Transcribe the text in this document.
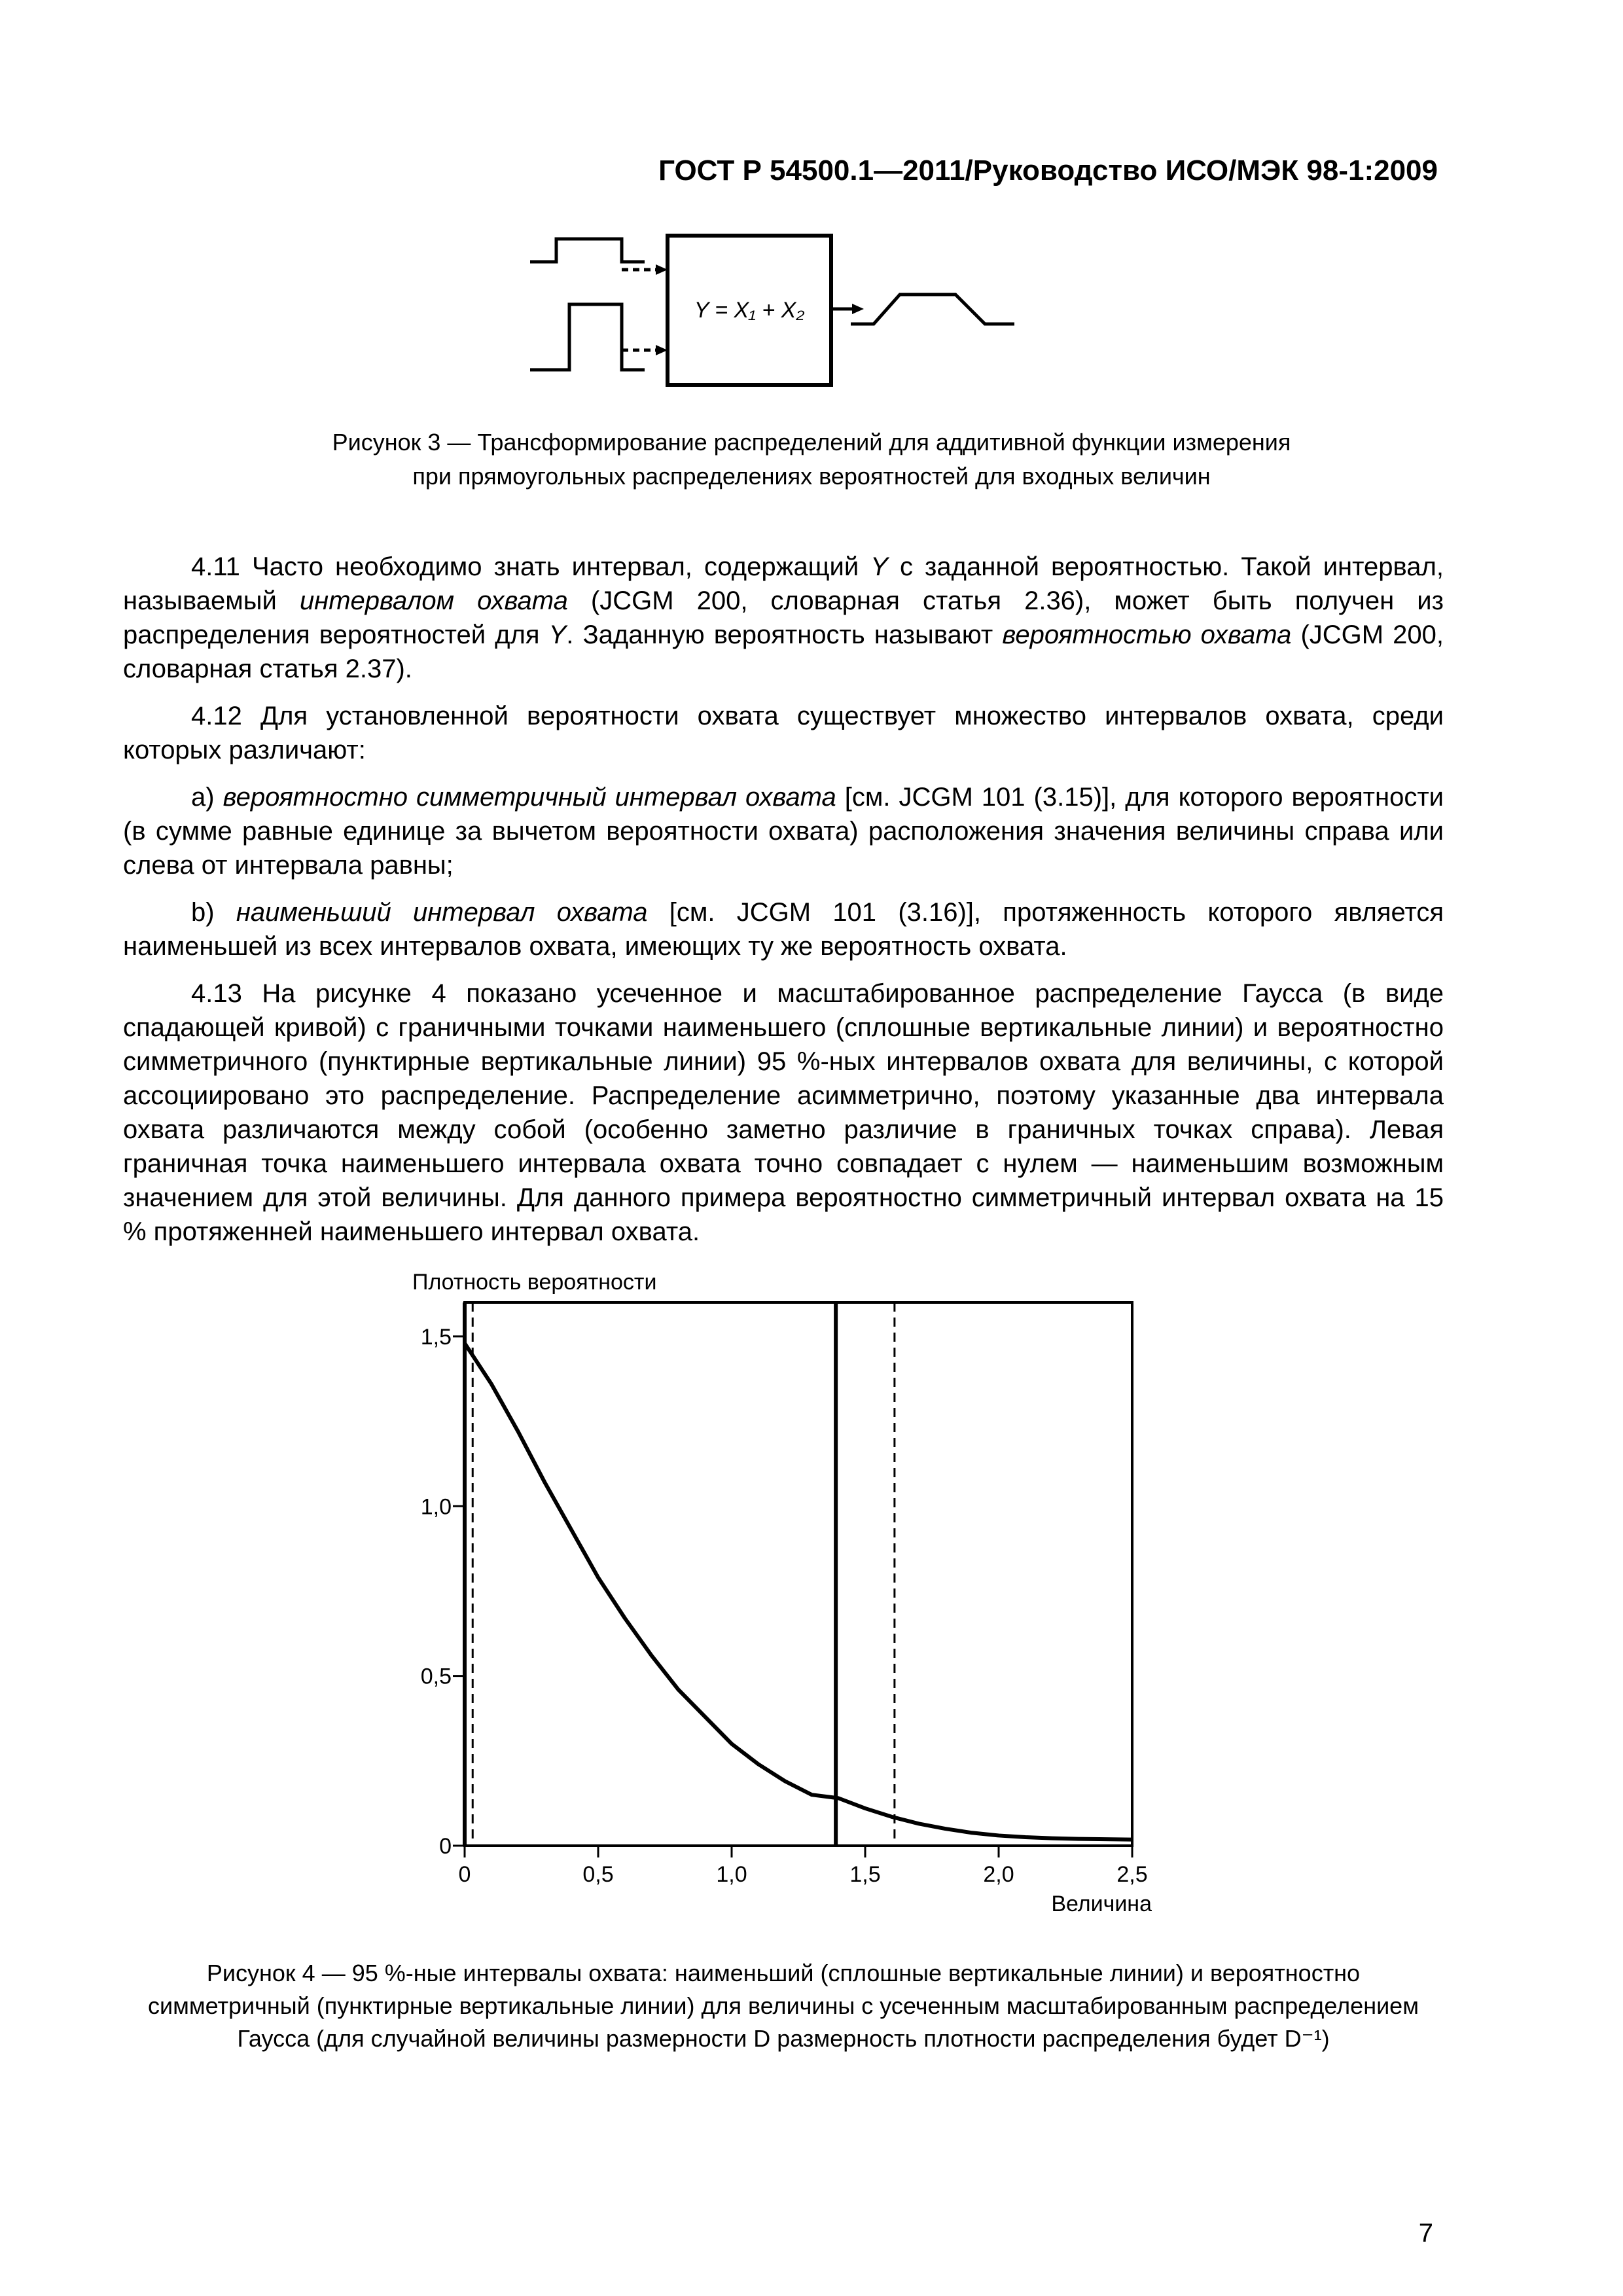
ГОСТ Р 54500.1—2011/Руководство ИСО/МЭК 98-1:2009
Y = X₁ + X₂
Рисунок 3 — Трансформирование распределений для аддитивной функции измерения
при прямоугольных распределениях вероятностей для входных величин

4.11 Часто необходимо знать интервал, содержащий Y с заданной вероятностью. Такой интервал, называемый интервалом охвата (JCGM 200, словарная статья 2.36), может быть получен из распределения вероятностей для Y. Заданную вероятность называют вероятностью охвата (JCGM 200, словарная статья 2.37).

4.12 Для установленной вероятности охвата существует множество интервалов охвата, среди которых различают:

a) вероятностно симметричный интервал охвата [см. JCGM 101 (3.15)], для которого вероятности (в сумме равные единице за вычетом вероятности охвата) расположения значения величины справа или слева от интервала равны;

b) наименьший интервал охвата [см. JCGM 101 (3.16)], протяженность которого является наименьшей из всех интервалов охвата, имеющих ту же вероятность охвата.

4.13 На рисунке 4 показано усеченное и масштабированное распределение Гаусса (в виде спадающей кривой) с граничными точками наименьшего (сплошные вертикальные линии) и вероятностно симметричного (пунктирные вертикальные линии) 95 %-ных интервалов охвата для величины, с которой ассоциировано это распределение. Распределение асимметрично, поэтому указанные два интервала охвата различаются между собой (особенно заметно различие в граничных точках справа). Левая граничная точка наименьшего интервала охвата точно совпадает с нулем — наименьшим возможным значением для этой величины. Для данного примера вероятностно симметричный интервал охвата на 15 % протяженней наименьшего интервал охвата.

Плотность вероятности
Величина
0
0,5
1,0
1,5
0	0,5	1,0	1,5	2,0	2,5
Рисунок 4 — 95 %-ные интервалы охвата: наименьший (сплошные вертикальные линии) и вероятностно симметричный (пунктирные вертикальные линии) для величины с усеченным масштабированным распределением Гаусса (для случайной величины размерности D размерность плотности распределения будет D⁻¹)
7
